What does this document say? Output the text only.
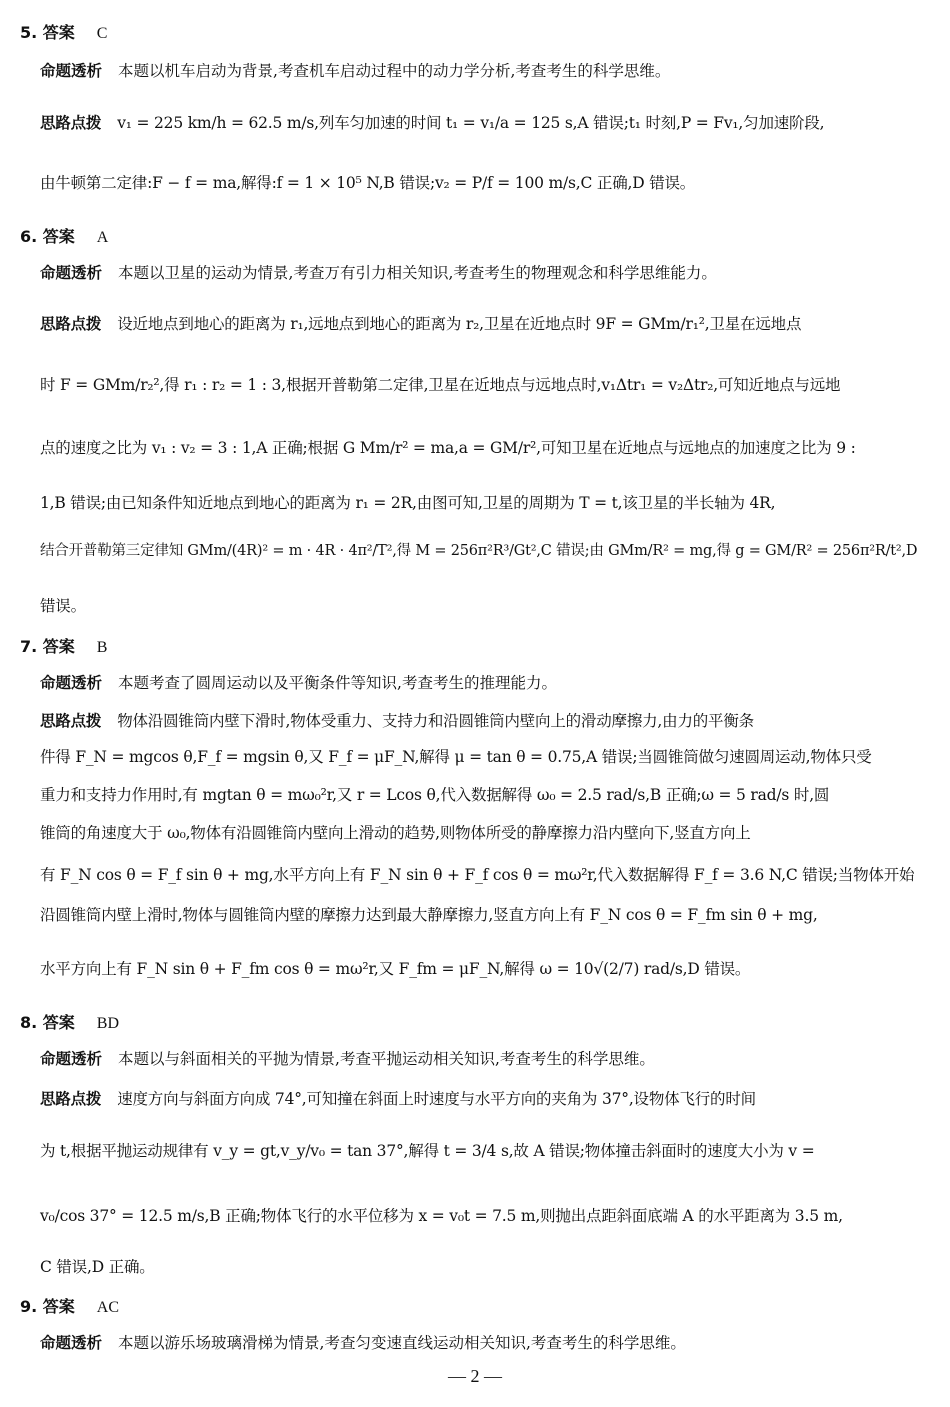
5. 答案 C
命题透析 本题以机车启动为背景,考查机车启动过程中的动力学分析,考查考生的科学思维。
思路点拨 v₁ = 225 km/h = 62.5 m/s,列车匀加速的时间 t₁ = v₁/a = 125 s,A 错误;t₁ 时刻,P = Fv₁,匀加速阶段,
由牛顿第二定律:F − f = ma,解得:f = 1 × 10⁵ N,B 错误;v₂ = P/f = 100 m/s,C 正确,D 错误。
6. 答案 A
命题透析 本题以卫星的运动为情景,考查万有引力相关知识,考查考生的物理观念和科学思维能力。
思路点拨 设近地点到地心的距离为 r₁,远地点到地心的距离为 r₂,卫星在近地点时 9F = GMm/r₁²,卫星在远地点
时 F = GMm/r₂²,得 r₁ : r₂ = 1 : 3,根据开普勒第二定律,卫星在近地点与远地点时,v₁Δtr₁ = v₂Δtr₂,可知近地点与远地
点的速度之比为 v₁ : v₂ = 3 : 1,A 正确;根据 G Mm/r² = ma,a = GM/r²,可知卫星在近地点与远地点的加速度之比为 9 :
1,B 错误;由已知条件知近地点到地心的距离为 r₁ = 2R,由图可知,卫星的周期为 T = t,该卫星的半长轴为 4R,
结合开普勒第三定律知 GMm/(4R)² = m · 4R · 4π²/T²,得 M = 256π²R³/Gt²,C 错误;由 GMm/R² = mg,得 g = GM/R² = 256π²R/t²,D
错误。
7. 答案 B
命题透析 本题考查了圆周运动以及平衡条件等知识,考查考生的推理能力。
思路点拨 物体沿圆锥筒内壁下滑时,物体受重力、支持力和沿圆锥筒内壁向上的滑动摩擦力,由力的平衡条
件得 F_N = mgcos θ,F_f = mgsin θ,又 F_f = μF_N,解得 μ = tan θ = 0.75,A 错误;当圆锥筒做匀速圆周运动,物体只受
重力和支持力作用时,有 mgtan θ = mω₀²r,又 r = Lcos θ,代入数据解得 ω₀ = 2.5 rad/s,B 正确;ω = 5 rad/s 时,圆
锥筒的角速度大于 ω₀,物体有沿圆锥筒内壁向上滑动的趋势,则物体所受的静摩擦力沿内壁向下,竖直方向上
有 F_N cos θ = F_f sin θ + mg,水平方向上有 F_N sin θ + F_f cos θ = mω²r,代入数据解得 F_f = 3.6 N,C 错误;当物体开始
沿圆锥筒内壁上滑时,物体与圆锥筒内壁的摩擦力达到最大静摩擦力,竖直方向上有 F_N cos θ = F_fm sin θ + mg,
水平方向上有 F_N sin θ + F_fm cos θ = mω²r,又 F_fm = μF_N,解得 ω = 10√(2/7) rad/s,D 错误。
8. 答案 BD
命题透析 本题以与斜面相关的平抛为情景,考查平抛运动相关知识,考查考生的科学思维。
思路点拨 速度方向与斜面方向成 74°,可知撞在斜面上时速度与水平方向的夹角为 37°,设物体飞行的时间
为 t,根据平抛运动规律有 v_y = gt,v_y/v₀ = tan 37°,解得 t = 3/4 s,故 A 错误;物体撞击斜面时的速度大小为 v =
v₀/cos 37° = 12.5 m/s,B 正确;物体飞行的水平位移为 x = v₀t = 7.5 m,则抛出点距斜面底端 A 的水平距离为 3.5 m,
C 错误,D 正确。
9. 答案 AC
命题透析 本题以游乐场玻璃滑梯为情景,考查匀变速直线运动相关知识,考查考生的科学思维。
— 2 —
